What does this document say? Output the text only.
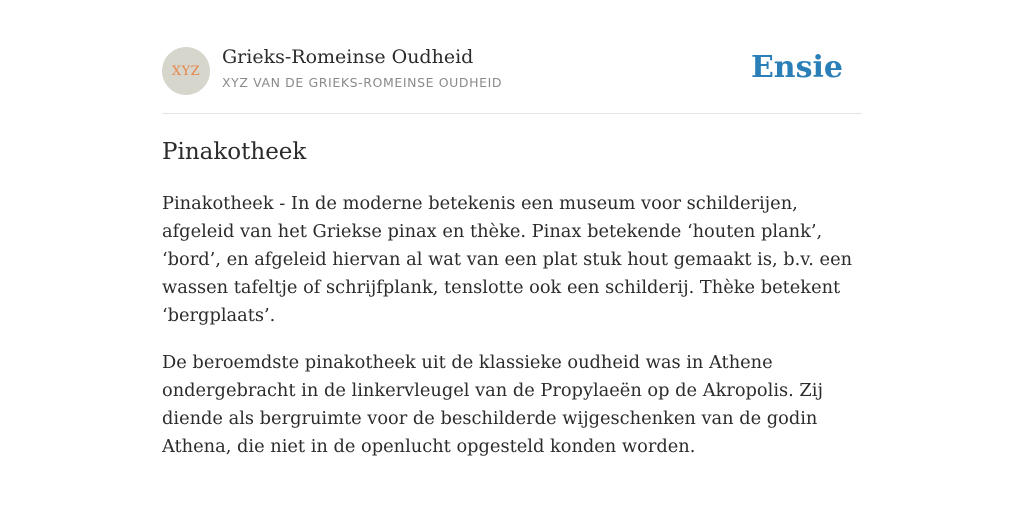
XYZ
Grieks-Romeinse Oudheid
XYZ VAN DE GRIEKS-ROMEINSE OUDHEID	Ensie
Pinakotheek

Pinakotheek - In de moderne betekenis een museum voor schilderijen, afgeleid van het Griekse pinax en thèke. Pinax betekende ‘houten plank’, ‘bord’, en afgeleid hiervan al wat van een plat stuk hout gemaakt is, b.v. een wassen tafeltje of schrijfplank, tenslotte ook een schilderij. Thèke betekent ‘bergplaats’.

De beroemdste pinakotheek uit de klassieke oudheid was in Athene ondergebracht in de linkervleugel van de Propylaeën op de Akropolis. Zij diende als bergruimte voor de beschilderde wijgeschenken van de godin Athena, die niet in de openlucht opgesteld konden worden.
